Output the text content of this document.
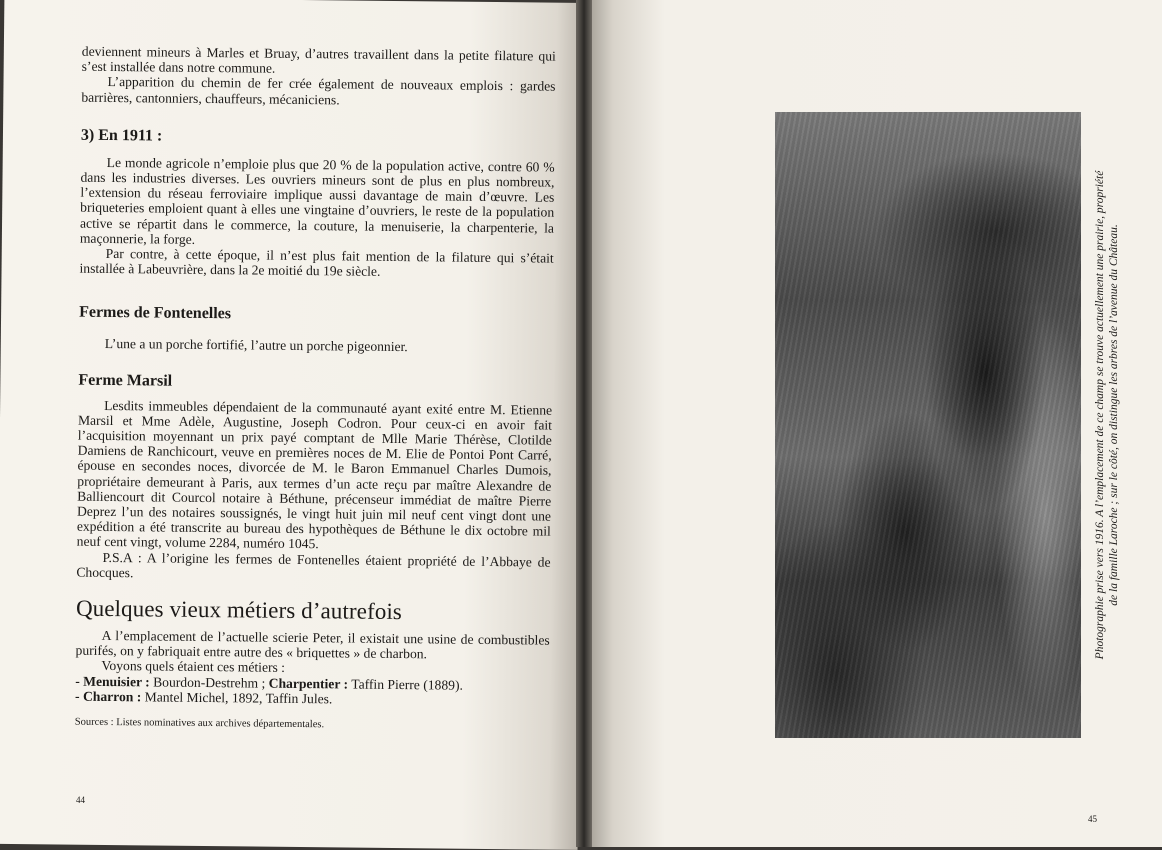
deviennent mineurs à Marles et Bruay, d’autres travaillent dans la petite filature qui s’est installée dans notre commune.

L’apparition du chemin de fer crée également de nouveaux emplois : gardes barrières, cantonniers, chauffeurs, mécaniciens.

3) En 1911 :

Le monde agricole n’emploie plus que 20 % de la population active, contre 60 % dans les industries diverses. Les ouvriers mineurs sont de plus en plus nombreux, l’extension du réseau ferroviaire implique aussi davantage de main d’œuvre. Les briqueteries emploient quant à elles une vingtaine d’ouvriers, le reste de la population active se répartit dans le commerce, la couture, la menuiserie, la charpenterie, la maçonnerie, la forge.

Par contre, à cette époque, il n’est plus fait mention de la filature qui s’était installée à Labeuvrière, dans la 2e moitié du 19e siècle.

Fermes de Fontenelles

L’une a un porche fortifié, l’autre un porche pigeonnier.

Ferme Marsil

Lesdits immeubles dépendaient de la communauté ayant exité entre M. Etienne Marsil et Mme Adèle, Augustine, Joseph Codron. Pour ceux-ci en avoir fait l’acquisition moyennant un prix payé comptant de Mlle Marie Thérèse, Clotilde Damiens de Ranchicourt, veuve en premières noces de M. Elie de Pontoi Pont Carré, épouse en secondes noces, divorcée de M. le Baron Emmanuel Charles Dumois, propriétaire demeurant à Paris, aux termes d’un acte reçu par maître Alexandre de Balliencourt dit Courcol notaire à Béthune, précenseur immédiat de maître Pierre Deprez l’un des notaires soussignés, le vingt huit juin mil neuf cent vingt dont une expédition a été transcrite au bureau des hypothèques de Béthune le dix octobre mil neuf cent vingt, volume 2284, numéro 1045.

P.S.A : A l’origine les fermes de Fontenelles étaient propriété de l’Abbaye de Chocques.

Quelques vieux métiers d’autrefois

A l’emplacement de l’actuelle scierie Peter, il existait une usine de combustibles purifés, on y fabriquait entre autre des « briquettes » de charbon.

Voyons quels étaient ces métiers :

- Menuisier : Bourdon-Destrehm ; Charpentier : Taffin Pierre (1889).

- Charron : Mantel Michel, 1892, Taffin Jules.

Sources : Listes nominatives aux archives départementales.
Photographie prise vers 1916. A l’emplacement de ce champ se trouve actuellement une prairie, propriété de la famille Laroche ; sur le côté, on distingue les arbres de l’avenue du Château.
44
45
